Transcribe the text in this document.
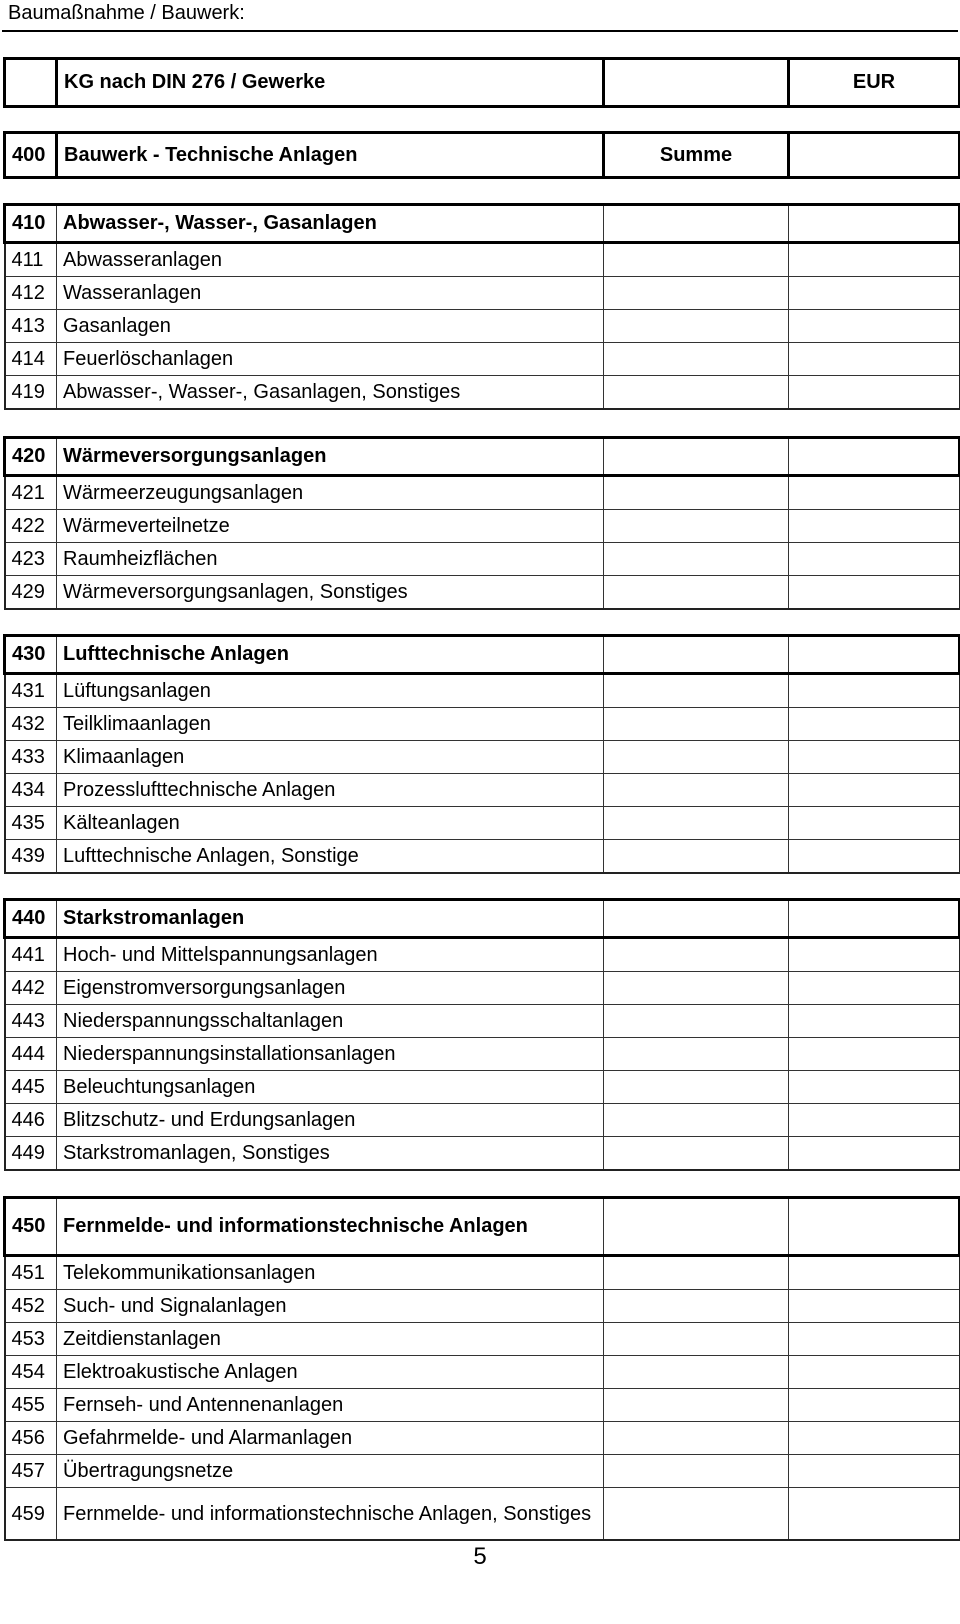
Baumaßnahme / Bauwerk:
	KG nach DIN 276 / Gewerke		EUR
400	Bauwerk - Technische Anlagen	Summe	
410	Abwasser-, Wasser-, Gasanlagen		
411	Abwasseranlagen		
412	Wasseranlagen		
413	Gasanlagen		
414	Feuerlöschanlagen		
419	Abwasser-, Wasser-, Gasanlagen, Sonstiges		
420	Wärmeversorgungsanlagen		
421	Wärmeerzeugungsanlagen		
422	Wärmeverteilnetze		
423	Raumheizflächen		
429	Wärmeversorgungsanlagen, Sonstiges		
430	Lufttechnische Anlagen		
431	Lüftungsanlagen		
432	Teilklimaanlagen		
433	Klimaanlagen		
434	Prozesslufttechnische Anlagen		
435	Kälteanlagen		
439	Lufttechnische Anlagen, Sonstige		
440	Starkstromanlagen		
441	Hoch- und Mittelspannungsanlagen		
442	Eigenstromversorgungsanlagen		
443	Niederspannungsschaltanlagen		
444	Niederspannungsinstallationsanlagen		
445	Beleuchtungsanlagen		
446	Blitzschutz- und Erdungsanlagen		
449	Starkstromanlagen, Sonstiges		
450	Fernmelde- und informationstechnische Anlagen		
451	Telekommunikationsanlagen		
452	Such- und Signalanlagen		
453	Zeitdienstanlagen		
454	Elektroakustische Anlagen		
455	Fernseh- und Antennenanlagen		
456	Gefahrmelde- und Alarmanlagen		
457	Übertragungsnetze		
459	Fernmelde- und informationstechnische Anlagen, Sonstiges		
5
